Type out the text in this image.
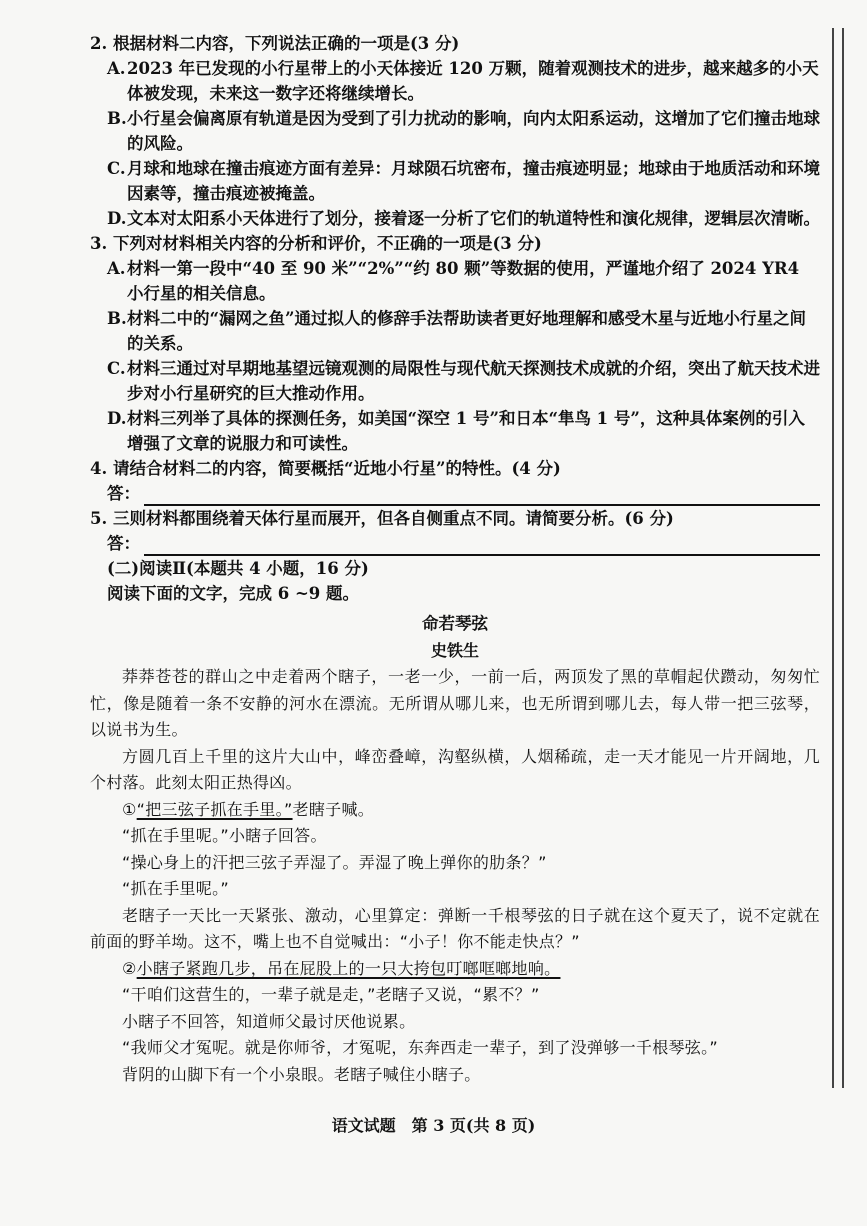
2. 根据材料二内容，下列说法正确的一项是(3 分)

A. 2023 年已发现的小行星带上的小天体接近 120 万颗，随着观测技术的进步，越来越多的小天体被发现，未来这一数字还将继续增长。
B. 小行星会偏离原有轨道是因为受到了引力扰动的影响，向内太阳系运动，这增加了它们撞击地球的风险。
C. 月球和地球在撞击痕迹方面有差异：月球陨石坑密布，撞击痕迹明显；地球由于地质活动和环境因素等，撞击痕迹被掩盖。
D. 文本对太阳系小天体进行了划分，接着逐一分析了它们的轨道特性和演化规律，逻辑层次清晰。

3. 下列对材料相关内容的分析和评价，不正确的一项是(3 分)

A. 材料一第一段中“40 至 90 米”“2%”“约 80 颗”等数据的使用，严谨地介绍了 2024 YR4 小行星的相关信息。
B. 材料二中的“漏网之鱼”通过拟人的修辞手法帮助读者更好地理解和感受木星与近地小行星之间的关系。
C. 材料三通过对早期地基望远镜观测的局限性与现代航天探测技术成就的介绍，突出了航天技术进步对小行星研究的巨大推动作用。
D. 材料三列举了具体的探测任务，如美国“深空 1 号”和日本“隼鸟 1 号”，这种具体案例的引入增强了文章的说服力和可读性。

4. 请结合材料二的内容，简要概括“近地小行星”的特性。(4 分)

答：

5. 三则材料都围绕着天体行星而展开，但各自侧重点不同。请简要分析。(6 分)

答：

(二)阅读Ⅱ(本题共 4 小题，16 分)

阅读下面的文字，完成 6 ~9 题。

命若琴弦

史铁生

莽莽苍苍的群山之中走着两个瞎子，一老一少，一前一后，两顶发了黑的草帽起伏躜动，匆匆忙忙，像是随着一条不安静的河水在漂流。无所谓从哪儿来，也无所谓到哪儿去，每人带一把三弦琴，以说书为生。

方圆几百上千里的这片大山中，峰峦叠嶂，沟壑纵横，人烟稀疏，走一天才能见一片开阔地，几个村落。此刻太阳正热得凶。

①“把三弦子抓在手里。”老瞎子喊。

“抓在手里呢。”小瞎子回答。

“操心身上的汗把三弦子弄湿了。弄湿了晚上弹你的肋条？”

“抓在手里呢。”

老瞎子一天比一天紧张、激动，心里算定：弹断一千根琴弦的日子就在这个夏天了，说不定就在前面的野羊坳。这不，嘴上也不自觉喊出：“小子！你不能走快点？”

②小瞎子紧跑几步，吊在屁股上的一只大挎包叮啷哐啷地响。

“干咱们这营生的，一辈子就是走，”老瞎子又说，“累不？”

小瞎子不回答，知道师父最讨厌他说累。

“我师父才冤呢。就是你师爷，才冤呢，东奔西走一辈子，到了没弹够一千根琴弦。”

背阴的山脚下有一个小泉眼。老瞎子喊住小瞎子。

语文试题　第 3 页(共 8 页)
